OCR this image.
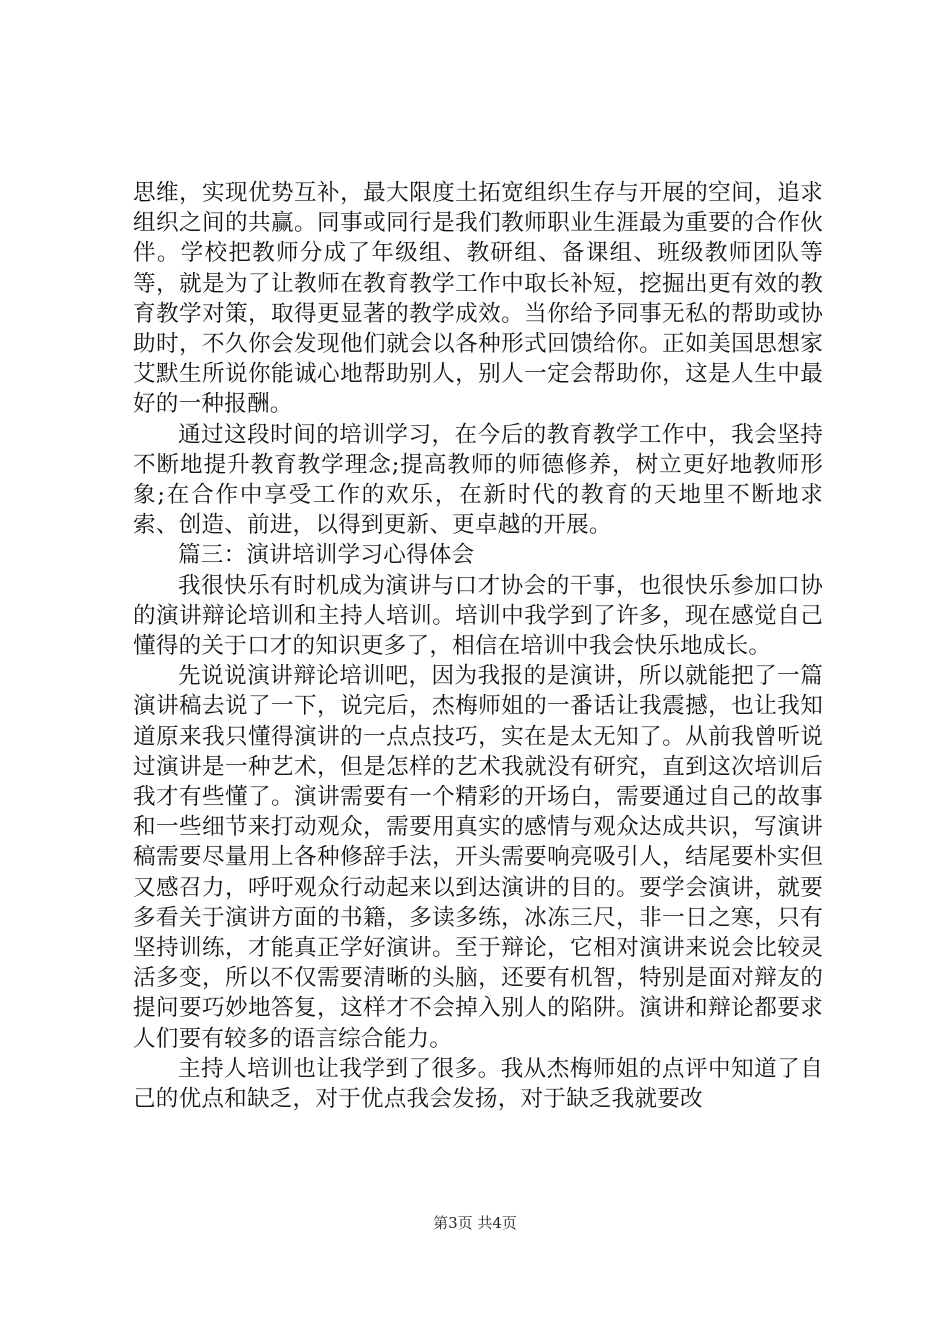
思维，实现优势互补，最大限度土拓宽组织生存与开展的空间，追求组织之间的共赢。同事或同行是我们教师职业生涯最为重要的合作伙伴。学校把教师分成了年级组、教研组、备课组、班级教师团队等等，就是为了让教师在教育教学工作中取长补短，挖掘出更有效的教育教学对策，取得更显著的教学成效。当你给予同事无私的帮助或协助时，不久你会发现他们就会以各种形式回馈给你。正如美国思想家艾默生所说你能诚心地帮助别人，别人一定会帮助你，这是人生中最好的一种报酬。

通过这段时间的培训学习，在今后的教育教学工作中，我会坚持不断地提升教育教学理念;提高教师的师德修养，树立更好地教师形象;在合作中享受工作的欢乐，在新时代的教育的天地里不断地求索、创造、前进，以得到更新、更卓越的开展。

篇三：演讲培训学习心得体会

我很快乐有时机成为演讲与口才协会的干事，也很快乐参加口协的演讲辩论培训和主持人培训。培训中我学到了许多，现在感觉自己懂得的关于口才的知识更多了，相信在培训中我会快乐地成长。

先说说演讲辩论培训吧，因为我报的是演讲，所以就能把了一篇演讲稿去说了一下，说完后，杰梅师姐的一番话让我震撼，也让我知道原来我只懂得演讲的一点点技巧，实在是太无知了。从前我曾听说过演讲是一种艺术，但是怎样的艺术我就没有研究，直到这次培训后我才有些懂了。演讲需要有一个精彩的开场白，需要通过自己的故事和一些细节来打动观众，需要用真实的感情与观众达成共识，写演讲稿需要尽量用上各种修辞手法，开头需要响亮吸引人，结尾要朴实但又感召力，呼吁观众行动起来以到达演讲的目的。要学会演讲，就要多看关于演讲方面的书籍，多读多练，冰冻三尺，非一日之寒，只有坚持训练，才能真正学好演讲。至于辩论，它相对演讲来说会比较灵活多变，所以不仅需要清晰的头脑，还要有机智，特别是面对辩友的提问要巧妙地答复，这样才不会掉入别人的陷阱。演讲和辩论都要求人们要有较多的语言综合能力。

主持人培训也让我学到了很多。我从杰梅师姐的点评中知道了自己的优点和缺乏，对于优点我会发扬，对于缺乏我就要改

第3页 共4页
